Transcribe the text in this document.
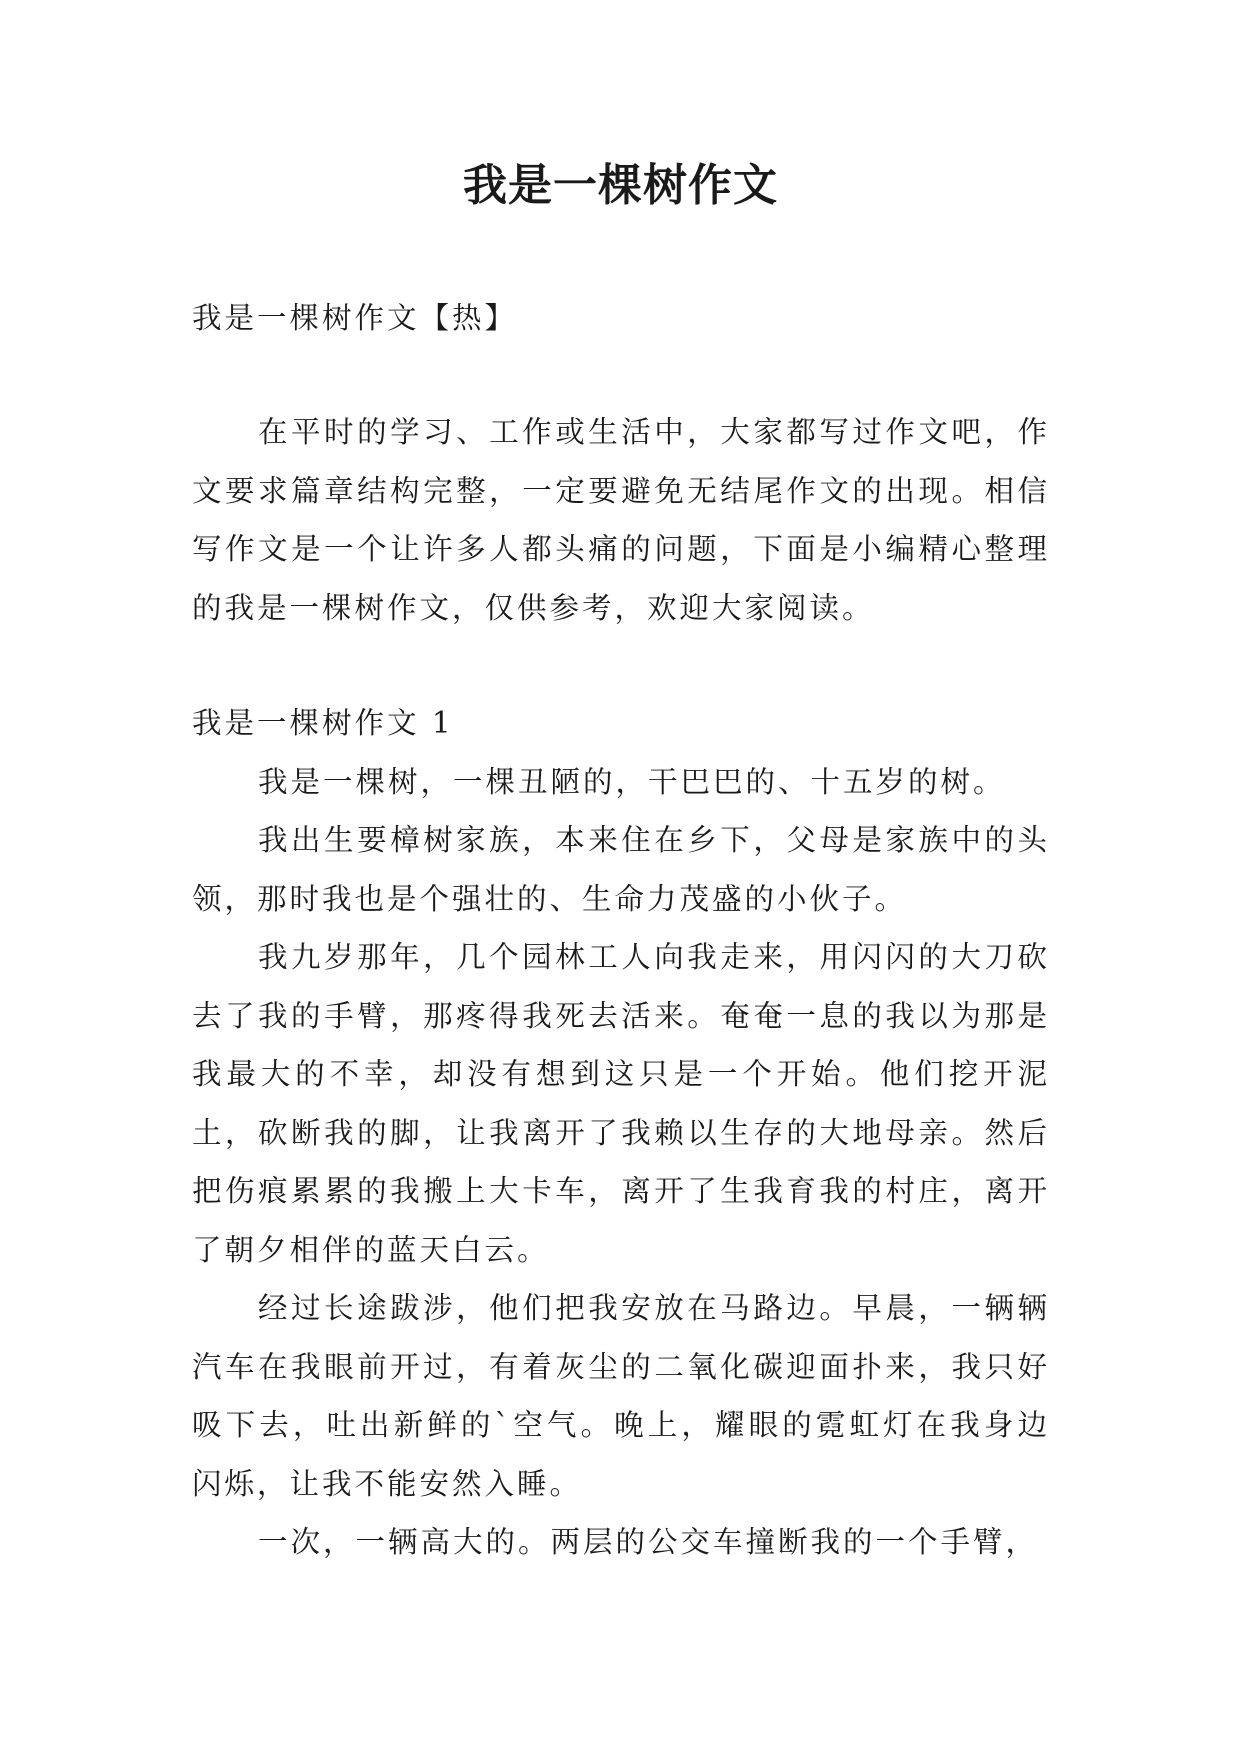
我是一棵树作文
我是一棵树作文【热】

在平时的学习、工作或生活中，大家都写过作文吧，作文要求篇章结构完整，一定要避免无结尾作文的出现。相信写作文是一个让许多人都头痛的问题，下面是小编精心整理的我是一棵树作文，仅供参考，欢迎大家阅读。

我是一棵树作文 1

我是一棵树，一棵丑陋的，干巴巴的、十五岁的树。

我出生要樟树家族，本来住在乡下，父母是家族中的头领，那时我也是个强壮的、生命力茂盛的小伙子。

我九岁那年，几个园林工人向我走来，用闪闪的大刀砍去了我的手臂，那疼得我死去活来。奄奄一息的我以为那是我最大的不幸，却没有想到这只是一个开始。他们挖开泥土，砍断我的脚，让我离开了我赖以生存的大地母亲。然后把伤痕累累的我搬上大卡车，离开了生我育我的村庄，离开了朝夕相伴的蓝天白云。

经过长途跋涉，他们把我安放在马路边。早晨，一辆辆汽车在我眼前开过，有着灰尘的二氧化碳迎面扑来，我只好吸下去，吐出新鲜的`空气。晚上，耀眼的霓虹灯在我身边闪烁，让我不能安然入睡。

一次，一辆高大的。两层的公交车撞断我的一个手臂，
